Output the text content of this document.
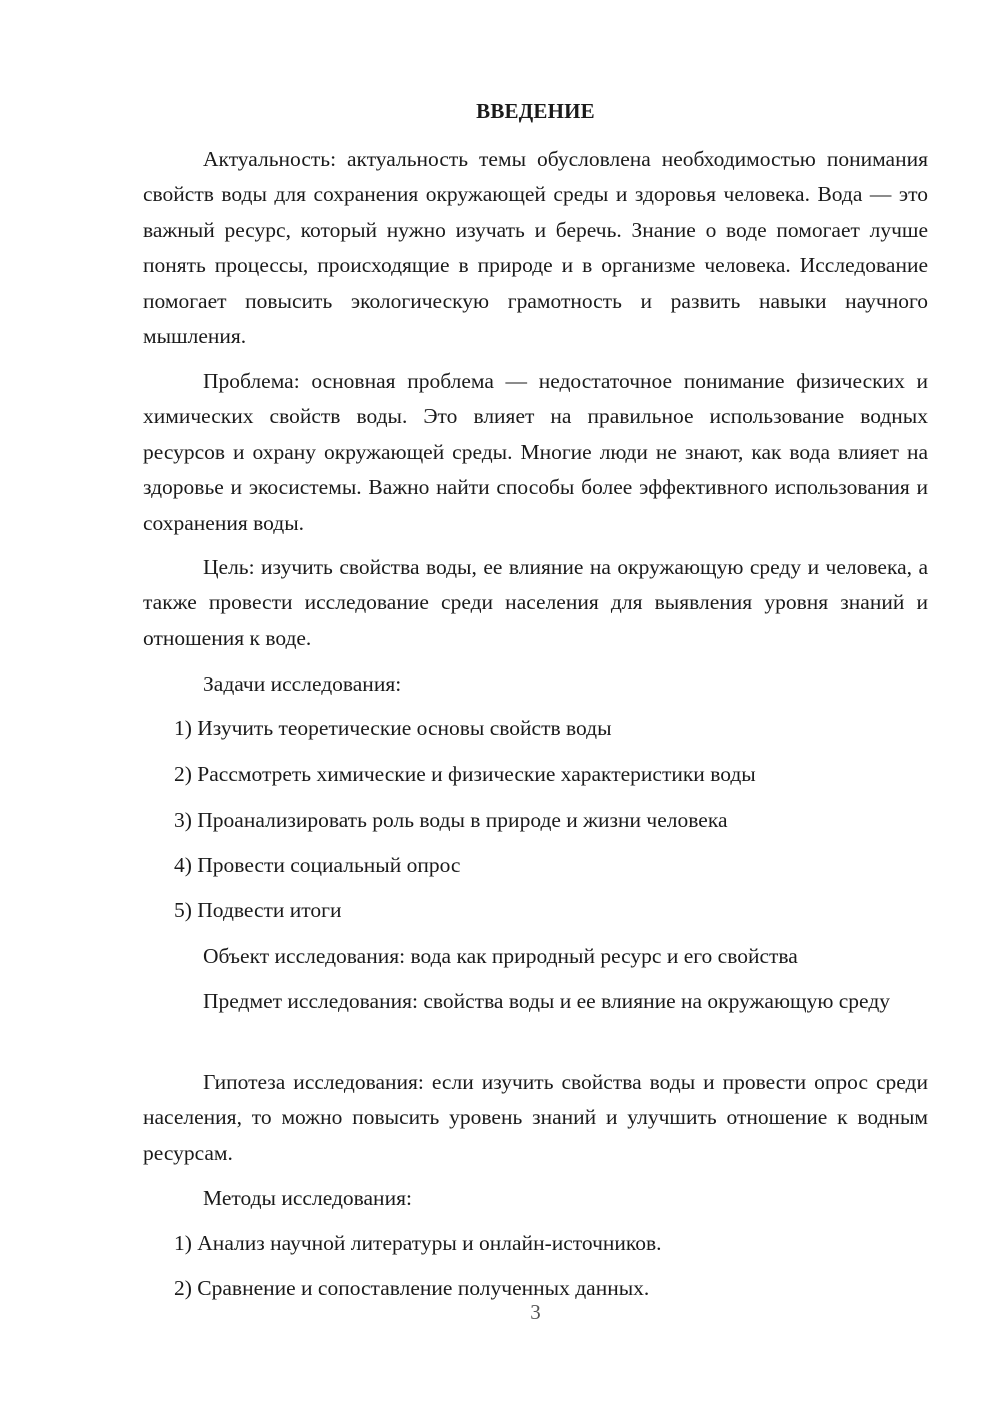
ВВЕДЕНИЕ

Актуальность: актуальность темы обусловлена необходимостью понимания свойств воды для сохранения окружающей среды и здоровья человека. Вода — это важный ресурс, который нужно изучать и беречь. Знание о воде помогает лучше понять процессы, происходящие в природе и в организме человека. Исследование помогает повысить экологическую грамотность и развить навыки научного мышления.

Проблема: основная проблема — недостаточное понимание физических и химических свойств воды. Это влияет на правильное использование водных ресурсов и охрану окружающей среды. Многие люди не знают, как вода влияет на здоровье и экосистемы. Важно найти способы более эффективного использования и сохранения воды.

Цель: изучить свойства воды, ее влияние на окружающую среду и человека, а также провести исследование среди населения для выявления уровня знаний и отношения к воде.

Задачи исследования:

1) Изучить теоретические основы свойств воды

2) Рассмотреть химические и физические характеристики воды

3) Проанализировать роль воды в природе и жизни человека

4) Провести социальный опрос

5) Подвести итоги

Объект исследования: вода как природный ресурс и его свойства

Предмет исследования: свойства воды и ее влияние на окружающую среду

Гипотеза исследования: если изучить свойства воды и провести опрос среди населения, то можно повысить уровень знаний и улучшить отношение к водным ресурсам.

Методы исследования:

1) Анализ научной литературы и онлайн-источников.

2) Сравнение и сопоставление полученных данных.

3
